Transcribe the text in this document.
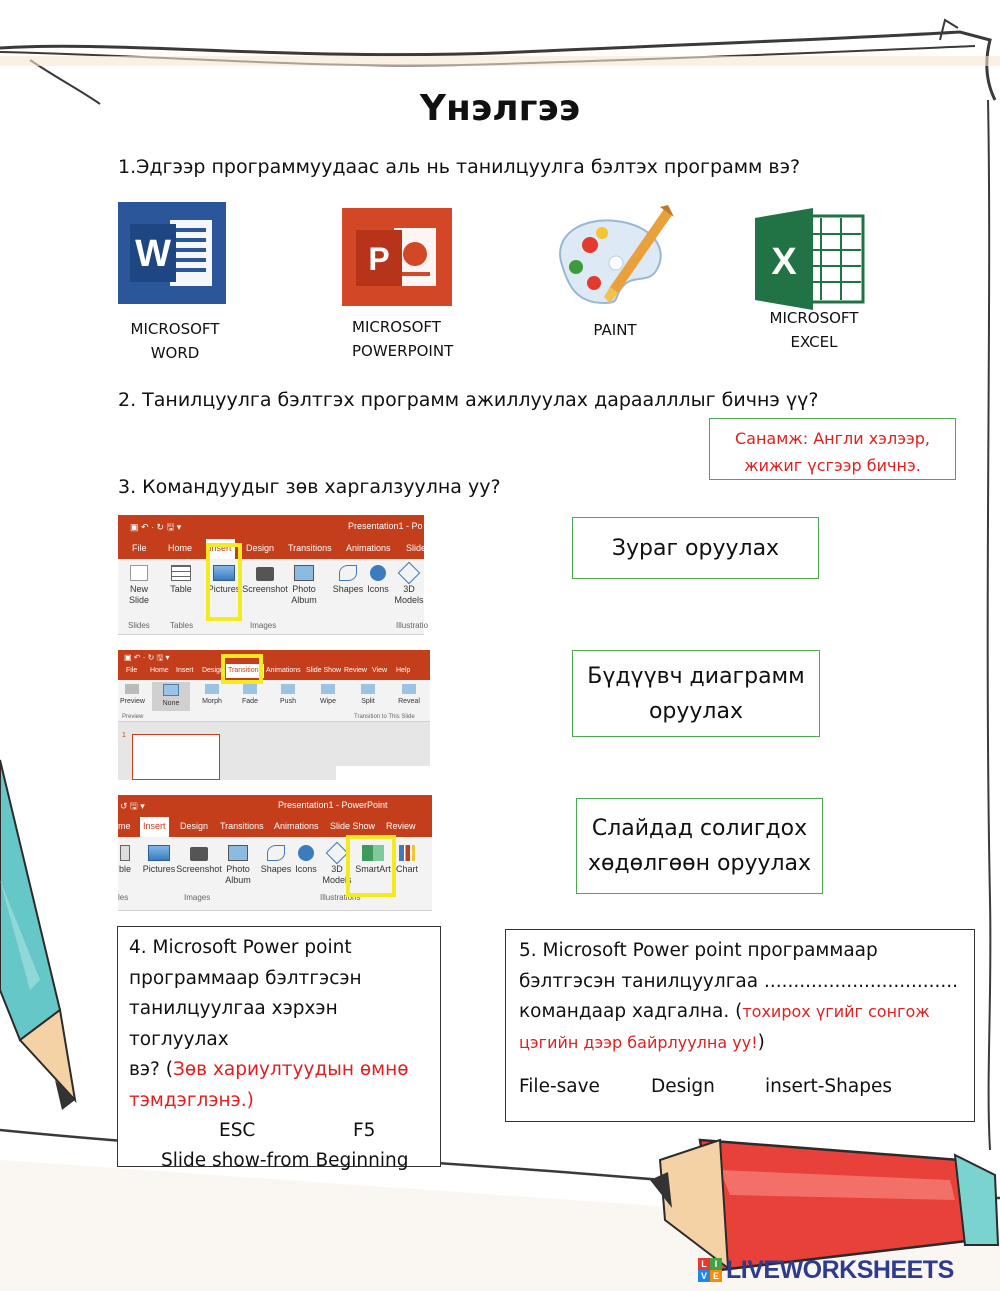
Үнэлгээ
1.Эдгээр программуудаас аль нь танилцуулга бэлтэх программ вэ?
W
MICROSOFT
WORD
P
MICROSOFT
POWERPOINT
PAINT
X
MICROSOFT
EXCEL
2. Танилцуулга бэлтгэх программ ажиллуулах дараалллыг бичнэ үү?
Санамж: Англи хэлээр,
жижиг үсгээр бичнэ.
3. Командуудыг зөв харгалзуулна уу?
▣ ↶ · ↻ 🖫 ▾	Presentation1 - Po
File Home	Insert	Design Transitions Animations Slide
New Slide
Table	Pictures Screenshot Photo Album
Shapes Icons	3D Models
Slides	Tables	Images	Illustratio
▣ ↶ · ↻ 🖫 ▾
File Home Insert Design Transitions Animations Slide Show Review View Help
Preview	None	Morph	Fade	Push	Wipe	Split	Reveal
Preview	Transition to This Slide
1
↺ 🖫 ▾	Presentation1 - PowerPoint
me	Insert	Design Transitions Animations Slide Show Review
ble Pictures Screenshot Photo Album
Shapes Icons	3D Models
SmartArt Chart
les	Images	Illustrations
Зураг оруулах
Бүдүүвч диаграмм
оруулах
Слайдад солигдох
хөдөлгөөн оруулах
4. Microsoft Power point
программаар бэлтгэсэн
танилцуулгаа хэрхэн тоглуулах
вэ? (Зөв хариултуудын өмнө
тэмдэглэнэ.)
ESC	F5
Slide show-from Beginning
5. Microsoft Power point программаар
бэлтгэсэн танилцуулгаа .................................
командаар хадгална. (тохирох үгийг сонгож
цэгийн дээр байрлуулна уу!)
File-save	Design	insert-Shapes
L I
V E LIVEWORKSHEETS
